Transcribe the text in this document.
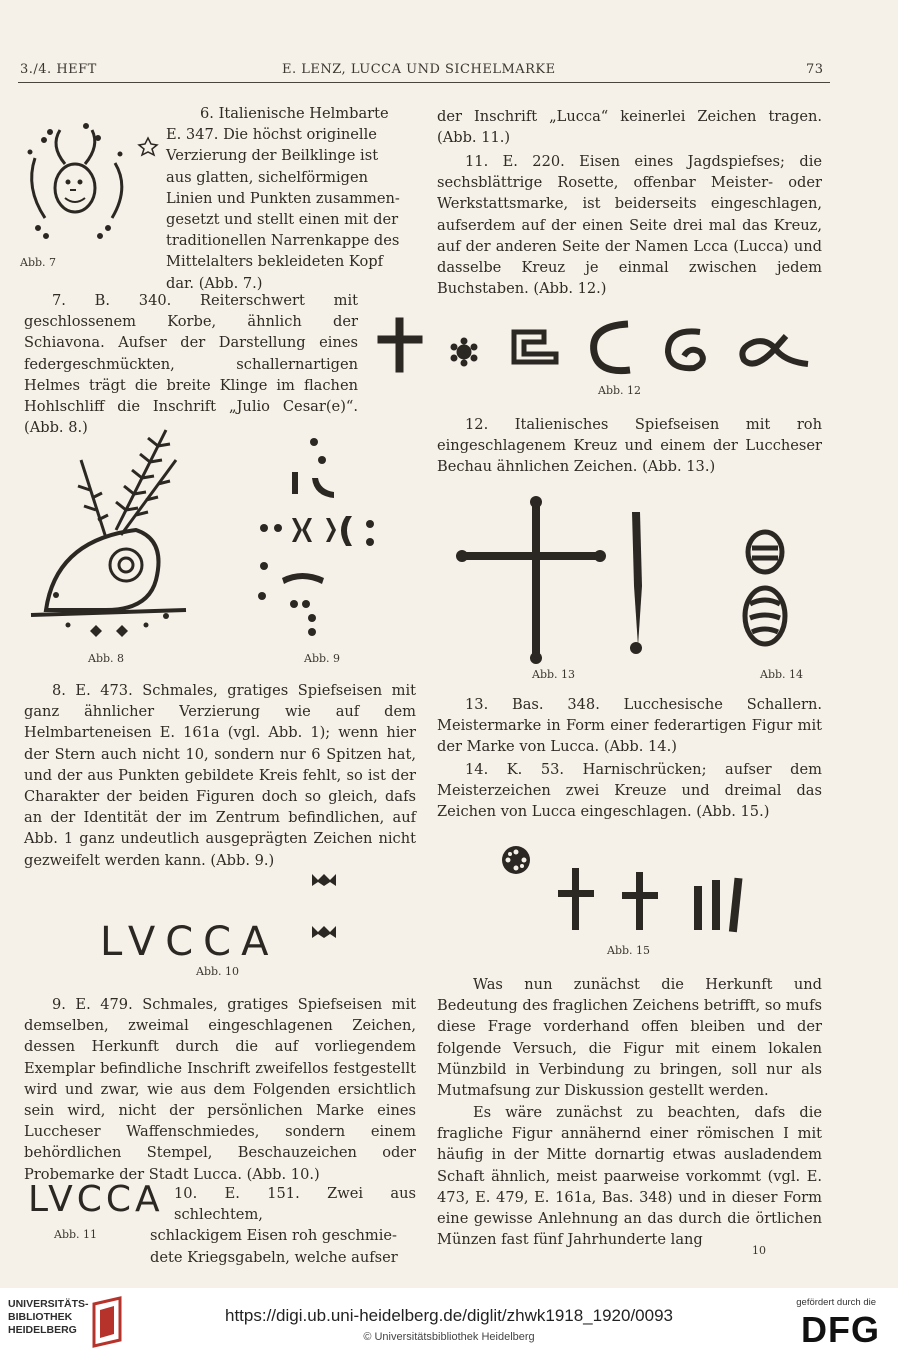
3./4. HEFT	E. LENZ, LUCCA UND SICHELMARKE	73
Abb. 7

6. Italienische Helmbarte

E. 347. Die höchst originelle

Verzierung der Beilklinge ist

aus glatten, sichelförmigen

Linien und Punkten zusammen-

gesetzt und stellt einen mit der

traditionellen Narrenkappe des

Mittelalters bekleideten Kopf

dar. (Abb. 7.)

7. B. 340. Reiterschwert mit geschlossenem Korbe, ähnlich der Schiavona. Aufser der Darstellung eines federgeschmückten, schallernartigen Helmes trägt die breite Klinge im flachen Hohlschliff die Inschrift „Julio Cesar(e)“. (Abb. 8.)

Abb. 8	Abb. 9

8. E. 473. Schmales, gratiges Spiefseisen mit ganz ähnlicher Verzierung wie auf dem Helmbarteneisen E. 161a (vgl. Abb. 1); wenn hier der Stern auch nicht 10, sondern nur 6 Spitzen hat, und der aus Punkten gebildete Kreis fehlt, so ist der Charakter der beiden Figuren doch so gleich, dafs an der Identität der im Zentrum befindlichen, auf Abb. 1 ganz undeutlich ausgeprägten Zeichen nicht gezweifelt werden kann. (Abb. 9.)

LVCCA
Abb. 10

9. E. 479. Schmales, gratiges Spiefseisen mit demselben, zweimal eingeschlagenen Zeichen, dessen Herkunft durch die auf vorliegendem Exemplar befindliche Inschrift zweifellos festgestellt wird und zwar, wie aus dem Folgenden ersichtlich sein wird, nicht der persönlichen Marke eines Luccheser Waffenschmiedes, sondern einem behördlichen Stempel, Beschauzeichen oder Probemarke der Stadt Lucca. (Abb. 10.)

LVCCA
Abb. 11

10. E. 151. Zwei aus schlechtem,

schlackigem Eisen roh geschmie-

dete Kriegsgabeln, welche aufser

der Inschrift „Lucca“ keinerlei Zeichen tragen. (Abb. 11.)

11. E. 220. Eisen eines Jagdspiefses; die sechsblättrige Rosette, offenbar Meister- oder Werkstattsmarke, ist beiderseits eingeschlagen, aufserdem auf der einen Seite drei mal das Kreuz, auf der anderen Seite der Namen Lcca (Lucca) und dasselbe Kreuz je einmal zwischen jedem Buchstaben. (Abb. 12.)

Abb. 12

12. Italienisches Spiefseisen mit roh eingeschlagenem Kreuz und einem der Luccheser Bechau ähnlichen Zeichen. (Abb. 13.)

Abb. 13	Abb. 14

13. Bas. 348. Lucchesische Schallern. Meistermarke in Form einer federartigen Figur mit der Marke von Lucca. (Abb. 14.)

14. K. 53. Harnischrücken; aufser dem Meisterzeichen zwei Kreuze und dreimal das Zeichen von Lucca eingeschlagen. (Abb. 15.)

Abb. 15

Was nun zunächst die Herkunft und Bedeutung des fraglichen Zeichens betrifft, so mufs diese Frage vorderhand offen bleiben und der folgende Versuch, die Figur mit einem lokalen Münzbild in Verbindung zu bringen, soll nur als Mutmafsung zur Diskussion gestellt werden.

Es wäre zunächst zu beachten, dafs die fragliche Figur annähernd einer römischen I mit häufig in der Mitte dornartig etwas ausladendem Schaft ähnlich, meist paarweise vorkommt (vgl. E. 473, E. 479, E. 161a, Bas. 348) und in dieser Form eine gewisse Anlehnung an das durch die örtlichen Münzen fast fünf Jahrhunderte lang

10
UNIVERSITÄTS-
BIBLIOTHEK
HEIDELBERG
https://digi.ub.uni-heidelberg.de/diglit/zhwk1918_1920/0093
© Universitätsbibliothek Heidelberg
gefördert durch die
DFG
